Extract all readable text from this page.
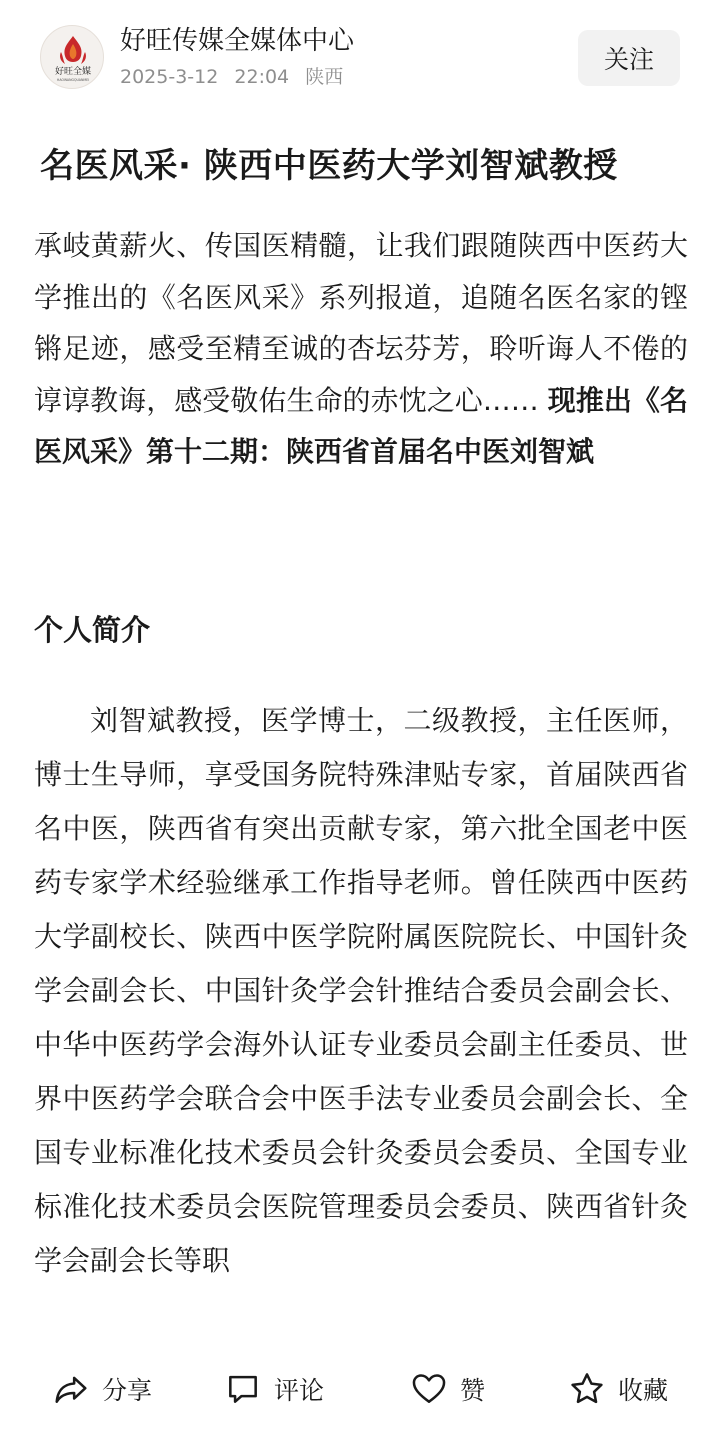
好旺全媒
HAOWANGQUANMEI
好旺传媒全媒体中心
2025-3-12 22:04 陕西
关注
名医风采· 陕西中医药大学刘智斌教授

承岐黄薪火、传国医精髓，让我们跟随陕西中医药大学推出的《名医风采》系列报道，追随名医名家的铿锵足迹，感受至精至诚的杏坛芬芳，聆听诲人不倦的谆谆教诲，感受敬佑生命的赤忱之心…… 现推出《名医风采》第十二期：陕西省首届名中医刘智斌

个人简介

刘智斌教授，医学博士，二级教授，主任医师，博士生导师，享受国务院特殊津贴专家，首届陕西省名中医，陕西省有突出贡献专家，第六批全国老中医药专家学术经验继承工作指导老师。曾任陕西中医药大学副校长、陕西中医学院附属医院院长、中国针灸学会副会长、中国针灸学会针推结合委员会副会长、中华中医药学会海外认证专业委员会副主任委员、世界中医药学会联合会中医手法专业委员会副会长、全国专业标准化技术委员会针灸委员会委员、全国专业标准化技术委员会医院管理委员会委员、陕西省针灸学会副会长等职

分享	评论	赞	收藏
